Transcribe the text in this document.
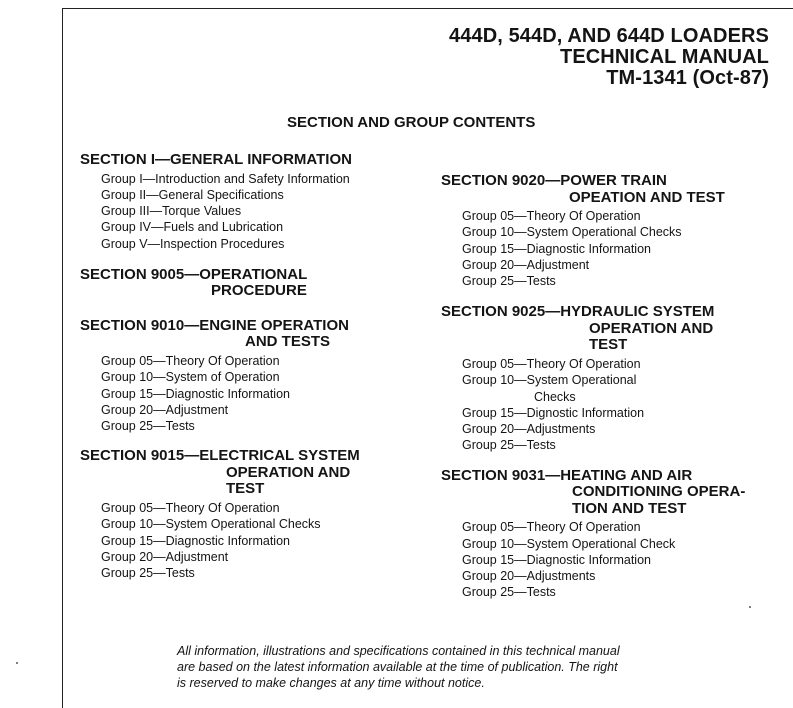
444D, 544D, AND 644D LOADERS
TECHNICAL MANUAL
TM-1341 (Oct-87)
SECTION AND GROUP CONTENTS
SECTION I—GENERAL INFORMATION
Group I—Introduction and Safety Information
Group II—General Specifications
Group III—Torque Values
Group IV—Fuels and Lubrication
Group V—Inspection Procedures
SECTION 9005—OPERATIONAL
PROCEDURE
SECTION 9010—ENGINE OPERATION
AND TESTS
Group 05—Theory Of Operation
Group 10—System of Operation
Group 15—Diagnostic Information
Group 20—Adjustment
Group 25—Tests
SECTION 9015—ELECTRICAL SYSTEM
OPERATION AND
TEST
Group 05—Theory Of Operation
Group 10—System Operational Checks
Group 15—Diagnostic Information
Group 20—Adjustment
Group 25—Tests
SECTION 9020—POWER TRAIN
OPEATION AND TEST
Group 05—Theory Of Operation
Group 10—System Operational Checks
Group 15—Diagnostic Information
Group 20—Adjustment
Group 25—Tests
SECTION 9025—HYDRAULIC SYSTEM
OPERATION AND
TEST
Group 05—Theory Of Operation
Group 10—System Operational
Checks
Group 15—Dignostic Information
Group 20—Adjustments
Group 25—Tests
SECTION 9031—HEATING AND AIR
CONDITIONING OPERA-
TION AND TEST
Group 05—Theory Of Operation
Group 10—System Operational Check
Group 15—Diagnostic Information
Group 20—Adjustments
Group 25—Tests
All information, illustrations and specifications contained in this technical manual
are based on the latest information available at the time of publication. The right
is reserved to make changes at any time without notice.
